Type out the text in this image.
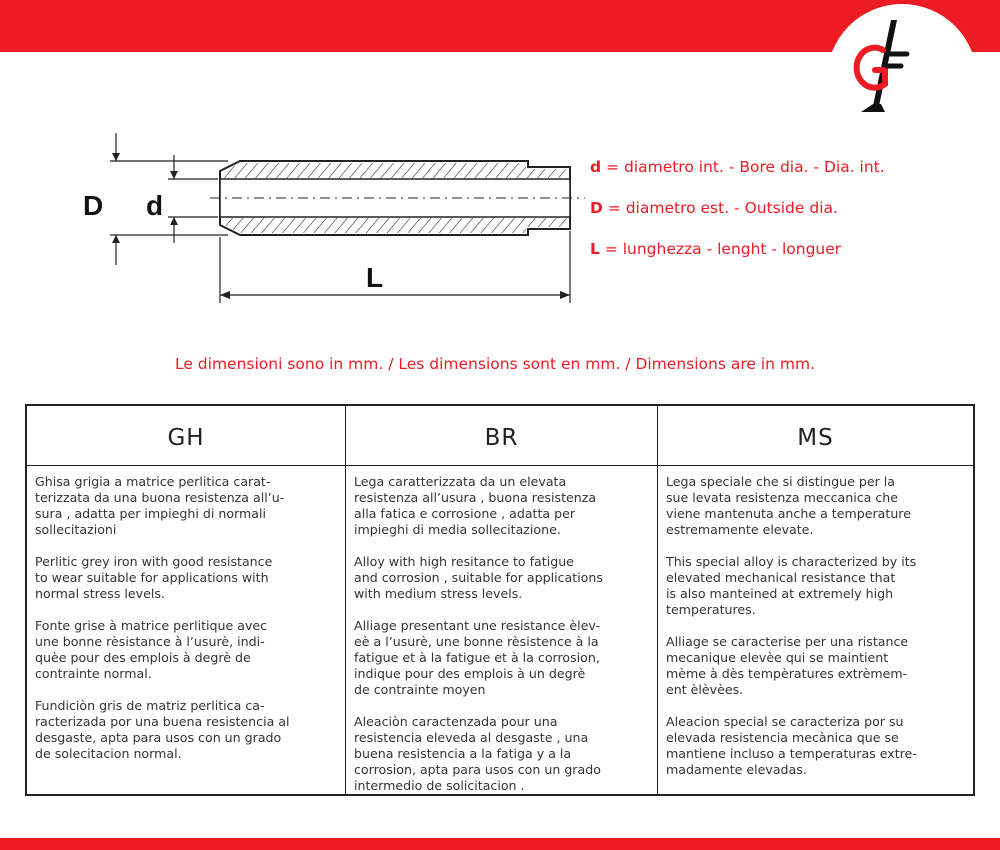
D d
L
d = diametro int. - Bore dia. - Dia. int.
D = diametro est. - Outside dia.
L = lunghezza - lenght - longuer
Le dimensioni sono in mm. / Les dimensions sont en mm. / Dimensions are in mm.
GH
Ghisa grigia a matrice perlitica carat-
terizzata da una buona resistenza all’u-
sura , adatta per impieghi di normali
sollecitazioni
Perlitic grey iron with good resistance
to wear suitable for applications with
normal stress levels.
Fonte grise à matrice perlitique avec
une bonne rèsistance à l’usurè, indi-
quèe pour des emplois à degrè de
contrainte normal.
Fundiciòn gris de matriz perlitica ca-
racterizada por una buena resistencia al
desgaste, apta para usos con un grado
de solecitacion normal.
BR
Lega caratterizzata da un elevata
resistenza all’usura , buona resistenza
alla fatica e corrosione , adatta per
impieghi di media sollecitazione.
Alloy with high resitance to fatigue
and corrosion , suitable for applications
with medium stress levels.
Alliage presentant une resistance èlev-
eè a l’usurè, une bonne rèsistence à la
fatigue et à la fatigue et à la corrosion,
indique pour des emplois à un degrè
de contrainte moyen
Aleaciòn caractenzada pour una
resistencia eleveda al desgaste , una
buena resistencia a la fatiga y a la
corrosion, apta para usos con un grado
intermedio de solicitacion .
MS
Lega speciale che si distingue per la
sue levata resistenza meccanica che
viene mantenuta anche a temperature
estremamente elevate.
This special alloy is characterized by its
elevated mechanical resistance that
is also manteined at extremely high
temperatures.
Alliage se caracterise per una ristance
mecanique elevèe qui se maintient
mème à dès tempèratures extrèmem-
ent èlèvèes.
Aleacion special se caracteriza por su
elevada resistencia mecànica que se
mantiene incluso a temperaturas extre-
madamente elevadas.
